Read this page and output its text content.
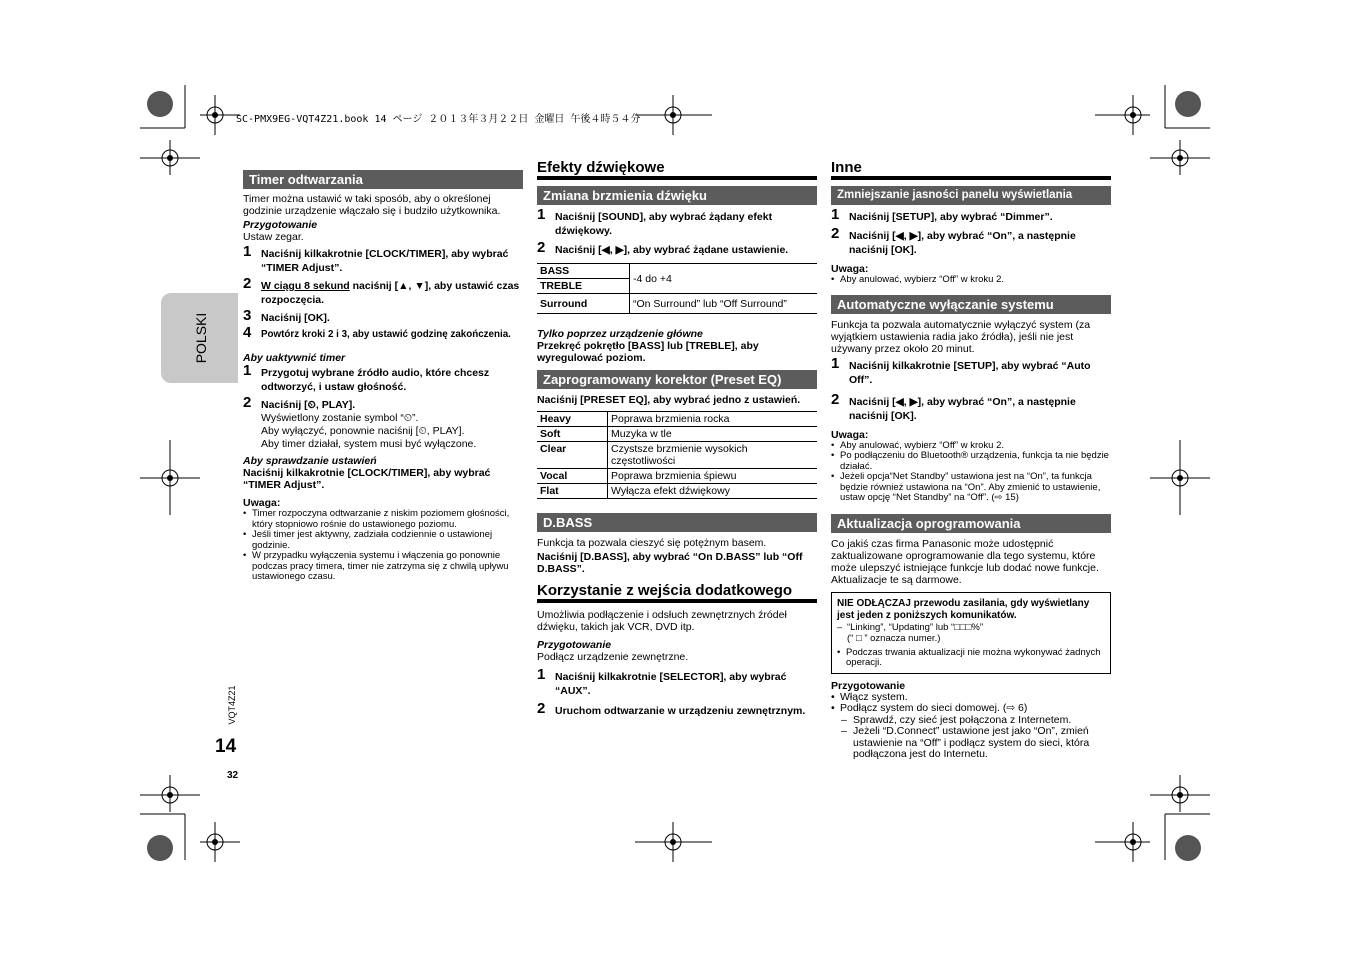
SC-PMX9EG-VQT4Z21.book 14 ページ ２０１３年３月２２日 金曜日 午後４時５４分
POLSKI
VQT4Z21
14
32
Timer odtwarzania

Timer można ustawić w taki sposób, aby o określonej godzinie urządzenie włączało się i budziło użytkownika.

Przygotowanie

Ustaw zegar.

1 Naciśnij kilkakrotnie [CLOCK/TIMER], aby wybrać “TIMER Adjust”.
2 W ciągu 8 sekund naciśnij [▲, ▼], aby ustawić czas rozpoczęcia.
3 Naciśnij [OK].
4 Powtórz kroki 2 i 3, aby ustawić godzinę zakończenia.

Aby uaktywnić timer

1 Przygotuj wybrane źródło audio, które chcesz odtworzyć, i ustaw głośność.
2 Naciśnij [⏲, PLAY].
Wyświetlony zostanie symbol “⏲”.
Aby wyłączyć, ponownie naciśnij [⏲, PLAY].
Aby timer działał, system musi być wyłączone.

Aby sprawdzanie ustawień

Naciśnij kilkakrotnie [CLOCK/TIMER], aby wybrać “TIMER Adjust”.

Uwaga:

• Timer rozpoczyna odtwarzanie z niskim poziomem głośności, który stopniowo rośnie do ustawionego poziomu.
• Jeśli timer jest aktywny, zadziała codziennie o ustawionej godzinie.
• W przypadku wyłączenia systemu i włączenia go ponownie podczas pracy timera, timer nie zatrzyma się z chwilą upływu ustawionego czasu.
Efekty dźwiękowe
Zmiana brzmienia dźwięku
1 Naciśnij [SOUND], aby wybrać żądany efekt dźwiękowy.
2 Naciśnij [◀, ▶], aby wybrać żądane ustawienie.
BASS	-4 do +4
TREBLE	
Surround	“On Surround” lub “Off Surround”

Tylko poprzez urządzenie główne

Przekręć pokrętło [BASS] lub [TREBLE], aby wyregulować poziom.

Zaprogramowany korektor (Preset EQ)

Naciśnij [PRESET EQ], aby wybrać jedno z ustawień.

Heavy	Poprawa brzmienia rocka
Soft	Muzyka w tle
Clear	Czystsze brzmienie wysokich częstotliwości
Vocal	Poprawa brzmienia śpiewu
Flat	Wyłącza efekt dźwiękowy
D.BASS

Funkcja ta pozwala cieszyć się potężnym basem.

Naciśnij [D.BASS], aby wybrać “On D.BASS” lub “Off D.BASS”.

Korzystanie z wejścia dodatkowego

Umożliwia podłączenie i odsłuch zewnętrznych źródeł dźwięku, takich jak VCR, DVD itp.

Przygotowanie

Podłącz urządzenie zewnętrzne.

1 Naciśnij kilkakrotnie [SELECTOR], aby wybrać “AUX”.
2 Uruchom odtwarzanie w urządzeniu zewnętrznym.
Inne
Zmniejszanie jasności panelu wyświetlania
1 Naciśnij [SETUP], aby wybrać “Dimmer”.
2 Naciśnij [◀, ▶], aby wybrać “On”, a następnie naciśnij [OK].

Uwaga:

• Aby anulować, wybierz “Off” w kroku 2.
Automatyczne wyłączanie systemu

Funkcja ta pozwala automatycznie wyłączyć system (za wyjątkiem ustawienia radia jako źródła), jeśli nie jest używany przez około 20 minut.

1 Naciśnij kilkakrotnie [SETUP], aby wybrać “Auto Off”.
2 Naciśnij [◀, ▶], aby wybrać “On”, a następnie naciśnij [OK].

Uwaga:

• Aby anulować, wybierz “Off” w kroku 2.
• Po podłączeniu do Bluetooth® urządzenia, funkcja ta nie będzie działać.
• Jeżeli opcja“Net Standby” ustawiona jest na “On”, ta funkcja będzie również ustawiona na “On”. Aby zmienić to ustawienie, ustaw opcję “Net Standby” na “Off”. (⇨ 15)
Aktualizacja oprogramowania

Co jakiś czas firma Panasonic może udostępnić zaktualizowane oprogramowanie dla tego systemu, które może ulepszyć istniejące funkcje lub dodać nowe funkcje. Aktualizacje te są darmowe.

NIE ODŁĄCZAJ przewodu zasilania, gdy wyświetlany jest jeden z poniższych komunikatów.

– “Linking”, “Updating” lub “□□□%”
(“ □ ” oznacza numer.)
• Podczas trwania aktualizacji nie można wykonywać żadnych operacji.

Przygotowanie

• Włącz system.
• Podłącz system do sieci domowej. (⇨ 6)
– Sprawdź, czy sieć jest połączona z Internetem.
– Jeżeli “D.Connect” ustawione jest jako “On”, zmień ustawienie na “Off” i podłącz system do sieci, która podłączona jest do Internetu.
